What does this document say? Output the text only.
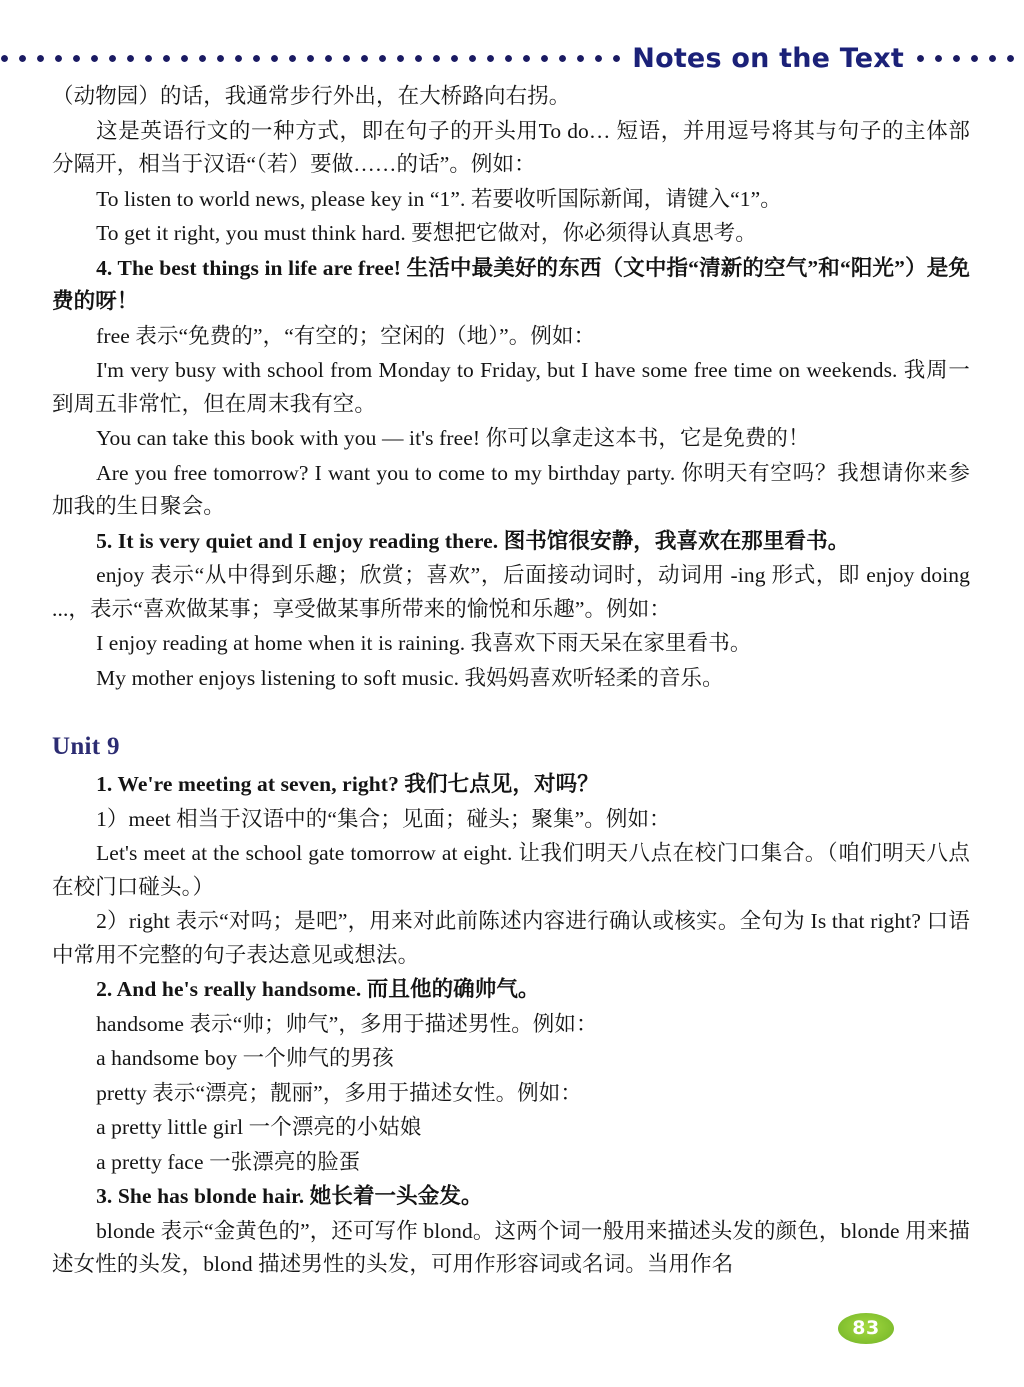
Notes on the Text

（动物园）的话，我通常步行外出，在大桥路向右拐。

这是英语行文的一种方式，即在句子的开头用To do… 短语，并用逗号将其与句子的主体部分隔开，相当于汉语“（若）要做……的话”。例如：

To listen to world news, please key in “1”. 若要收听国际新闻，请键入“1”。

To get it right, you must think hard. 要想把它做对，你必须得认真思考。

4. The best things in life are free! 生活中最美好的东西（文中指“清新的空气”和“阳光”）是免费的呀！

free 表示“免费的”，“有空的；空闲的（地）”。例如：

I'm very busy with school from Monday to Friday, but I have some free time on weekends. 我周一到周五非常忙，但在周末我有空。

You can take this book with you — it's free! 你可以拿走这本书，它是免费的！

Are you free tomorrow? I want you to come to my birthday party. 你明天有空吗？我想请你来参加我的生日聚会。

5. It is very quiet and I enjoy reading there. 图书馆很安静，我喜欢在那里看书。

enjoy 表示“从中得到乐趣；欣赏；喜欢”，后面接动词时，动词用 -ing 形式，即 enjoy doing ...，表示“喜欢做某事；享受做某事所带来的愉悦和乐趣”。例如：

I enjoy reading at home when it is raining. 我喜欢下雨天呆在家里看书。

My mother enjoys listening to soft music. 我妈妈喜欢听轻柔的音乐。

Unit 9

1. We're meeting at seven, right? 我们七点见，对吗？

1）meet 相当于汉语中的“集合；见面；碰头；聚集”。例如：

Let's meet at the school gate tomorrow at eight. 让我们明天八点在校门口集合。（咱们明天八点在校门口碰头。）

2）right 表示“对吗；是吧”，用来对此前陈述内容进行确认或核实。全句为 Is that right? 口语中常用不完整的句子表达意见或想法。

2. And he's really handsome. 而且他的确帅气。

handsome 表示“帅；帅气”，多用于描述男性。例如：

a handsome boy 一个帅气的男孩

pretty 表示“漂亮；靓丽”，多用于描述女性。例如：

a pretty little girl 一个漂亮的小姑娘

a pretty face 一张漂亮的脸蛋

3. She has blonde hair. 她长着一头金发。

blonde 表示“金黄色的”，还可写作 blond。这两个词一般用来描述头发的颜色，blonde 用来描述女性的头发，blond 描述男性的头发，可用作形容词或名词。当用作名

83
